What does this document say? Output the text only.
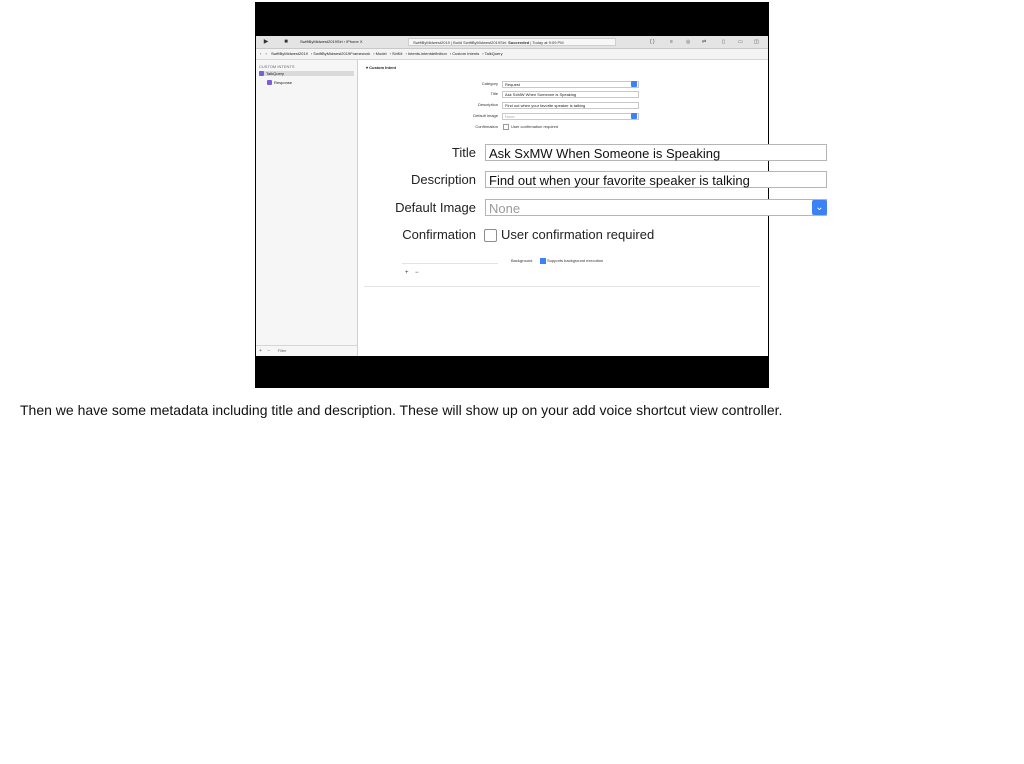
▶	■	SwiftByMidwest2019Siri › iPhone X	SwiftByMidwest2019 | Build SwiftByMidwest2019Siri: Succeeded | Today at 9:09 PM	{ }	≡	◎ ⇄	▯	▭ ◫
‹ › SwiftByMidwest2019 › SwiftByMidwest2019Framework › Model › SiriKit › Intents.intentdefinition › Custom Intents › TalkQuery
CUSTOM INTENTS
TalkQuery
Response
+ − Filter
▾ Custom Intent
Category	Request
Title	Ask SxMW When Someone is Speaking
Description	Find out when your favorite speaker is talking
Default Image	None
Confirmation	User confirmation required
Background	Supports background execution
+ −
Title	Ask SxMW When Someone is Speaking
Description	Find out when your favorite speaker is talking
Default Image	None	⌄
Confirmation User confirmation required
Then we have some metadata including title and description. These will show up on your add voice shortcut view controller.
